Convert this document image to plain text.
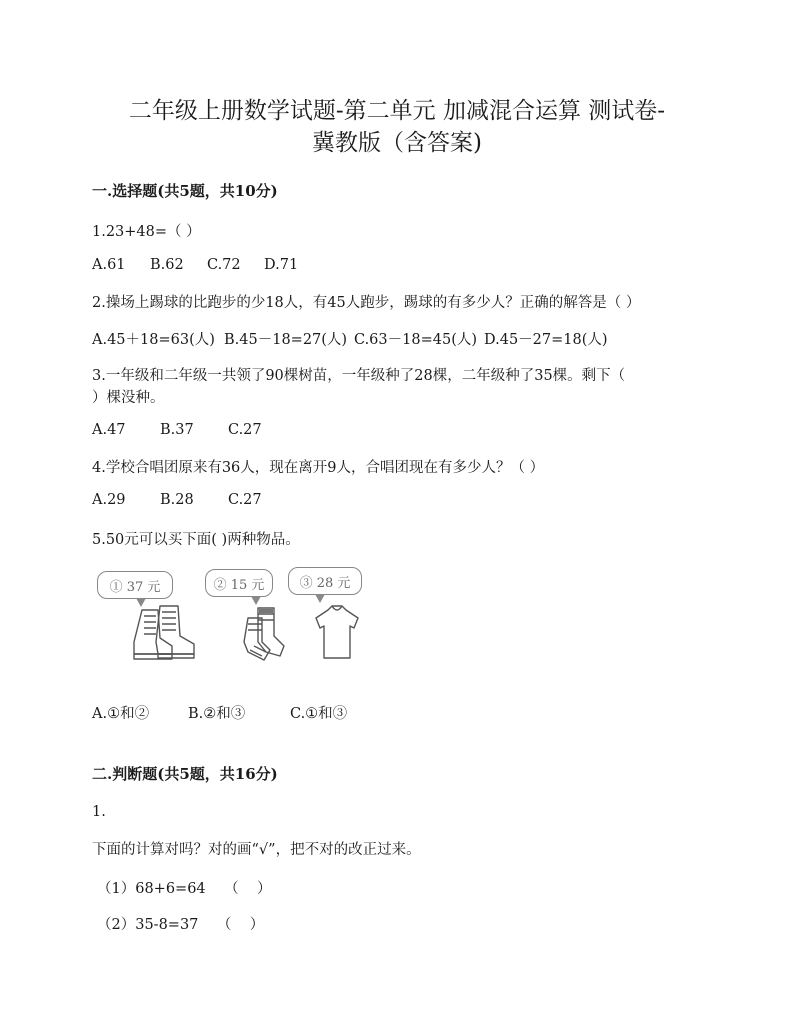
二年级上册数学试题-第二单元 加减混合运算 测试卷-
冀教版（含答案)
一.选择题(共5题，共10分)
1.23+48=（ ）
A.61 B.62 C.72 D.71
2.操场上踢球的比跑步的少18人，有45人跑步，踢球的有多少人？正确的解答是（ ）
A.45＋18=63(人) B.45－18=27(人) C.63－18=45(人) D.45－27=18(人)
3.一年级和二年级一共领了90棵树苗，一年级种了28棵，二年级种了35棵。剩下（
）棵没种。
A.47 B.37 C.27
4.学校合唱团原来有36人，现在离开9人，合唱团现在有多少人？（ ）
A.29 B.28 C.27
5.50元可以买下面( )两种物品。
① 37 元	② 15 元	③ 28 元
A.①和②	B.②和③	C.①和③
二.判断题(共5题，共16分)
1.
下面的计算对吗？对的画“√”，把不对的改正过来。
（1）68+6=64    （    ）
（2）35-8=37    （    ）
